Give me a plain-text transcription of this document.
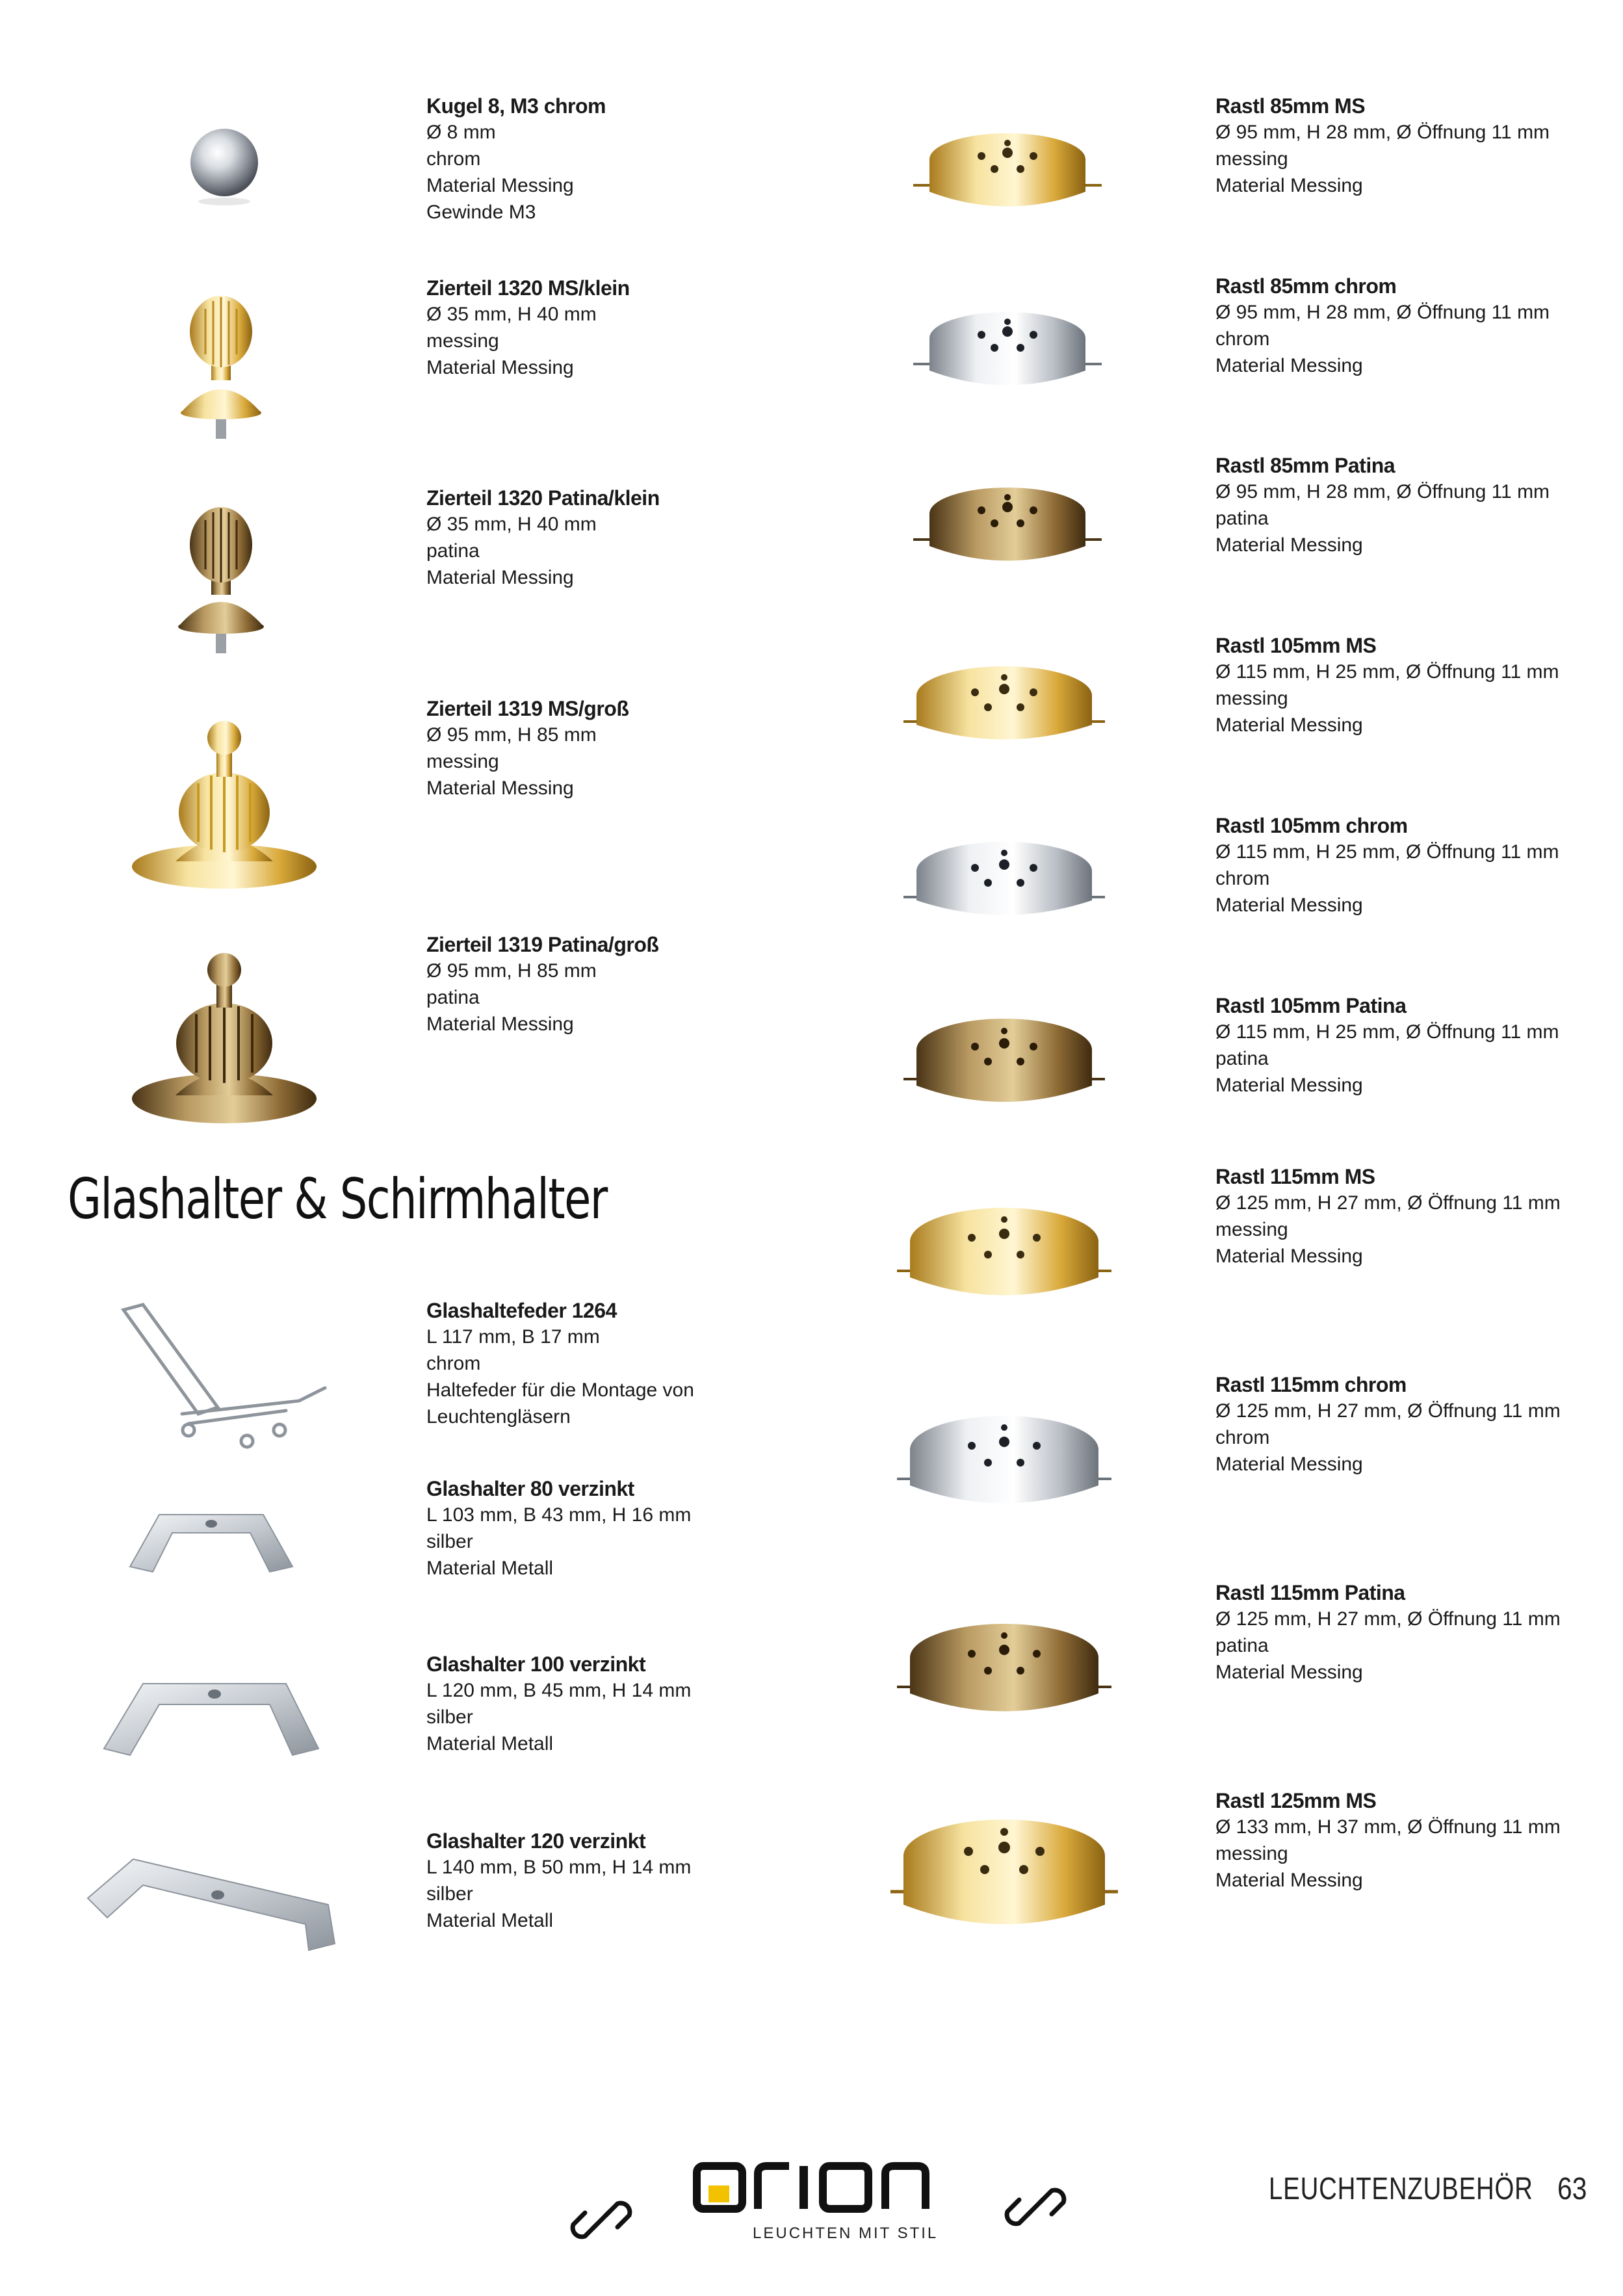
Kugel 8, M3 chrom
Ø 8 mm
chrom
Material Messing
Gewinde M3
Zierteil 1320 MS/klein
Ø 35 mm, H 40 mm
messing
Material Messing
Zierteil 1320 Patina/klein
Ø 35 mm, H 40 mm
patina
Material Messing
Zierteil 1319 MS/groß
Ø 95 mm, H 85 mm
messing
Material Messing
Zierteil 1319 Patina/groß
Ø 95 mm, H 85 mm
patina
Material Messing
Glashalter & Schirmhalter
Glashaltefeder 1264
L 117 mm, B 17 mm
chrom
Haltefeder für die Montage von
Leuchtengläsern
Glashalter 80 verzinkt
L 103 mm, B 43 mm, H 16 mm
silber
Material Metall
Glashalter 100 verzinkt
L 120 mm, B 45 mm, H 14 mm
silber
Material Metall
Glashalter 120 verzinkt
L 140 mm, B 50 mm, H 14 mm
silber
Material Metall
Rastl 85mm MS
Ø 95 mm, H 28 mm, Ø Öffnung 11 mm
messing
Material Messing
Rastl 85mm chrom
Ø 95 mm, H 28 mm, Ø Öffnung 11 mm
chrom
Material Messing
Rastl 85mm Patina
Ø 95 mm, H 28 mm, Ø Öffnung 11 mm
patina
Material Messing
Rastl 105mm MS
Ø 115 mm, H 25 mm, Ø Öffnung 11 mm
messing
Material Messing
Rastl 105mm chrom
Ø 115 mm, H 25 mm, Ø Öffnung 11 mm
chrom
Material Messing
Rastl 105mm Patina
Ø 115 mm, H 25 mm, Ø Öffnung 11 mm
patina
Material Messing
Rastl 115mm MS
Ø 125 mm, H 27 mm, Ø Öffnung 11 mm
messing
Material Messing
Rastl 115mm chrom
Ø 125 mm, H 27 mm, Ø Öffnung 11 mm
chrom
Material Messing
Rastl 115mm Patina
Ø 125 mm, H 27 mm, Ø Öffnung 11 mm
patina
Material Messing
Rastl 125mm MS
Ø 133 mm, H 37 mm, Ø Öffnung 11 mm
messing
Material Messing
LEUCHTEN MIT STIL
LEUCHTENZUBEHÖR 63
